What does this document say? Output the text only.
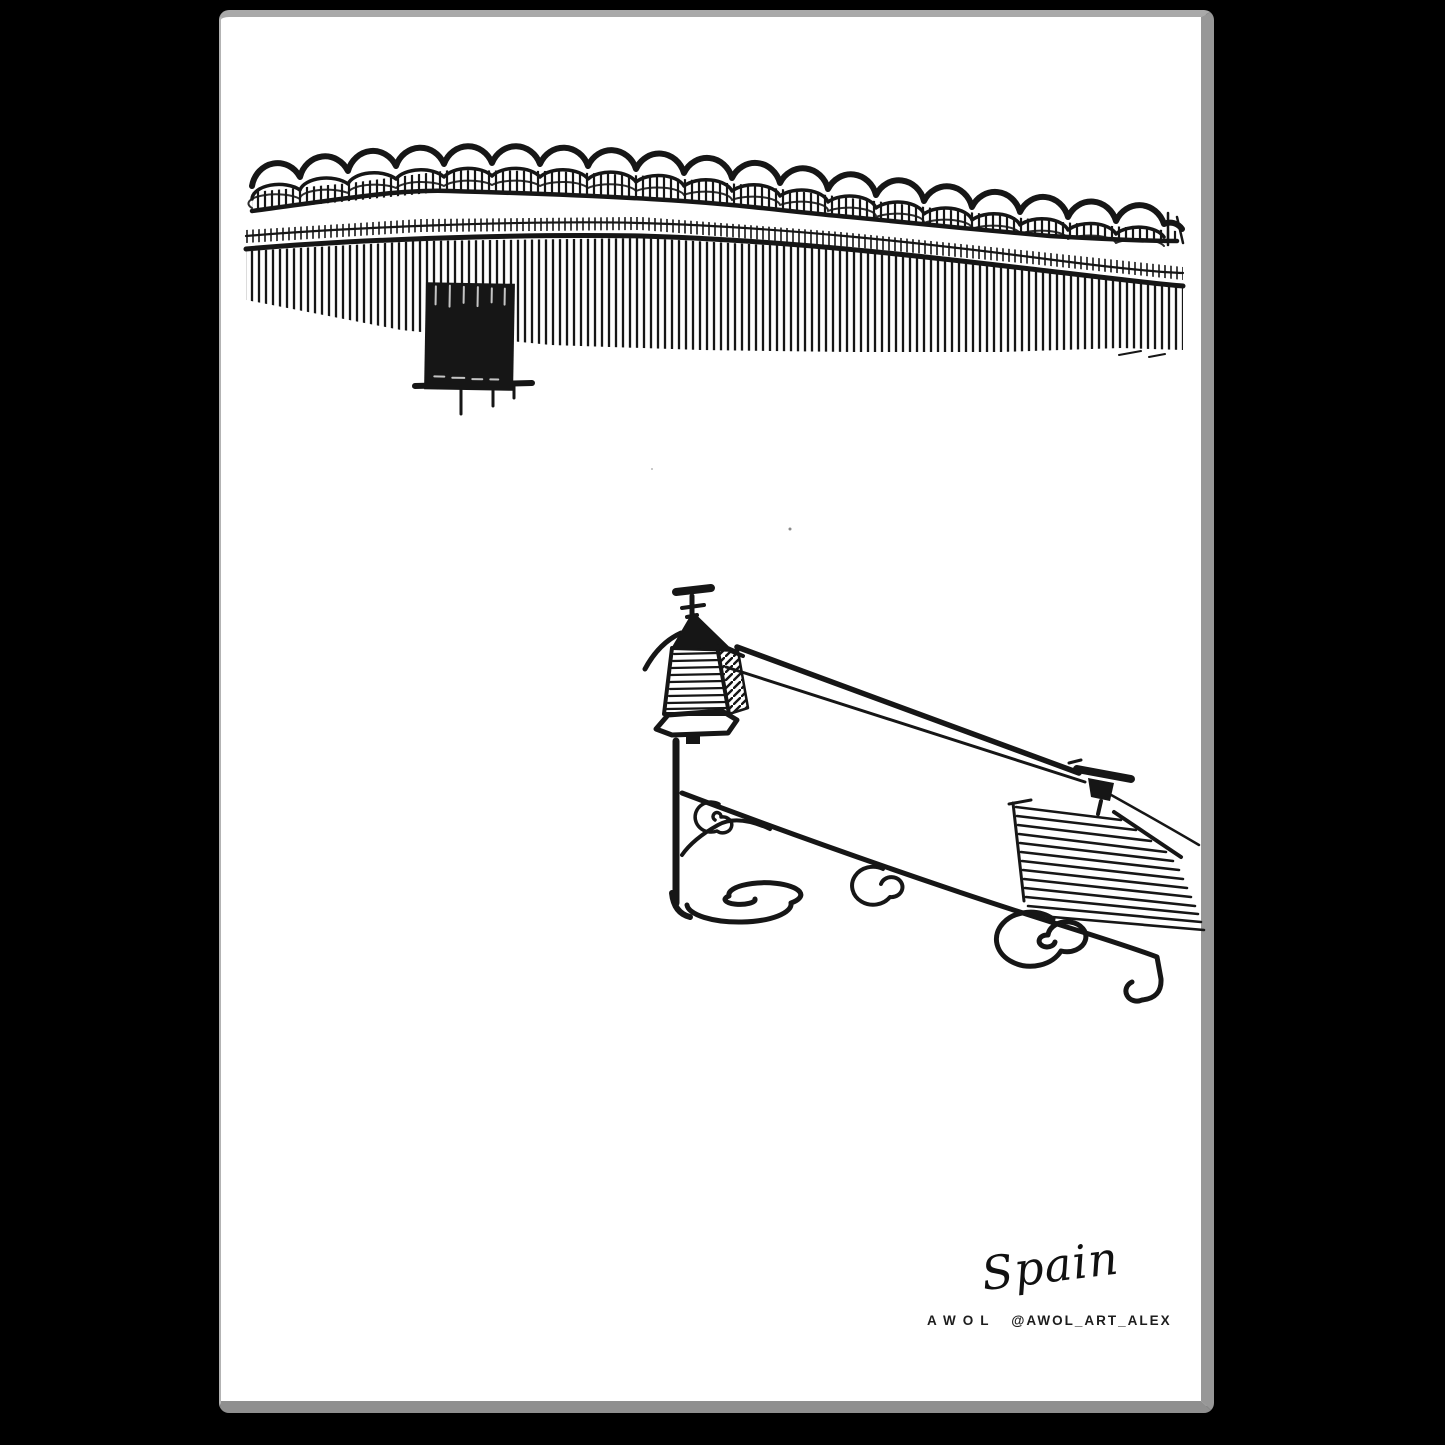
Spain
AWOL @AWOL_ART_ALEX
